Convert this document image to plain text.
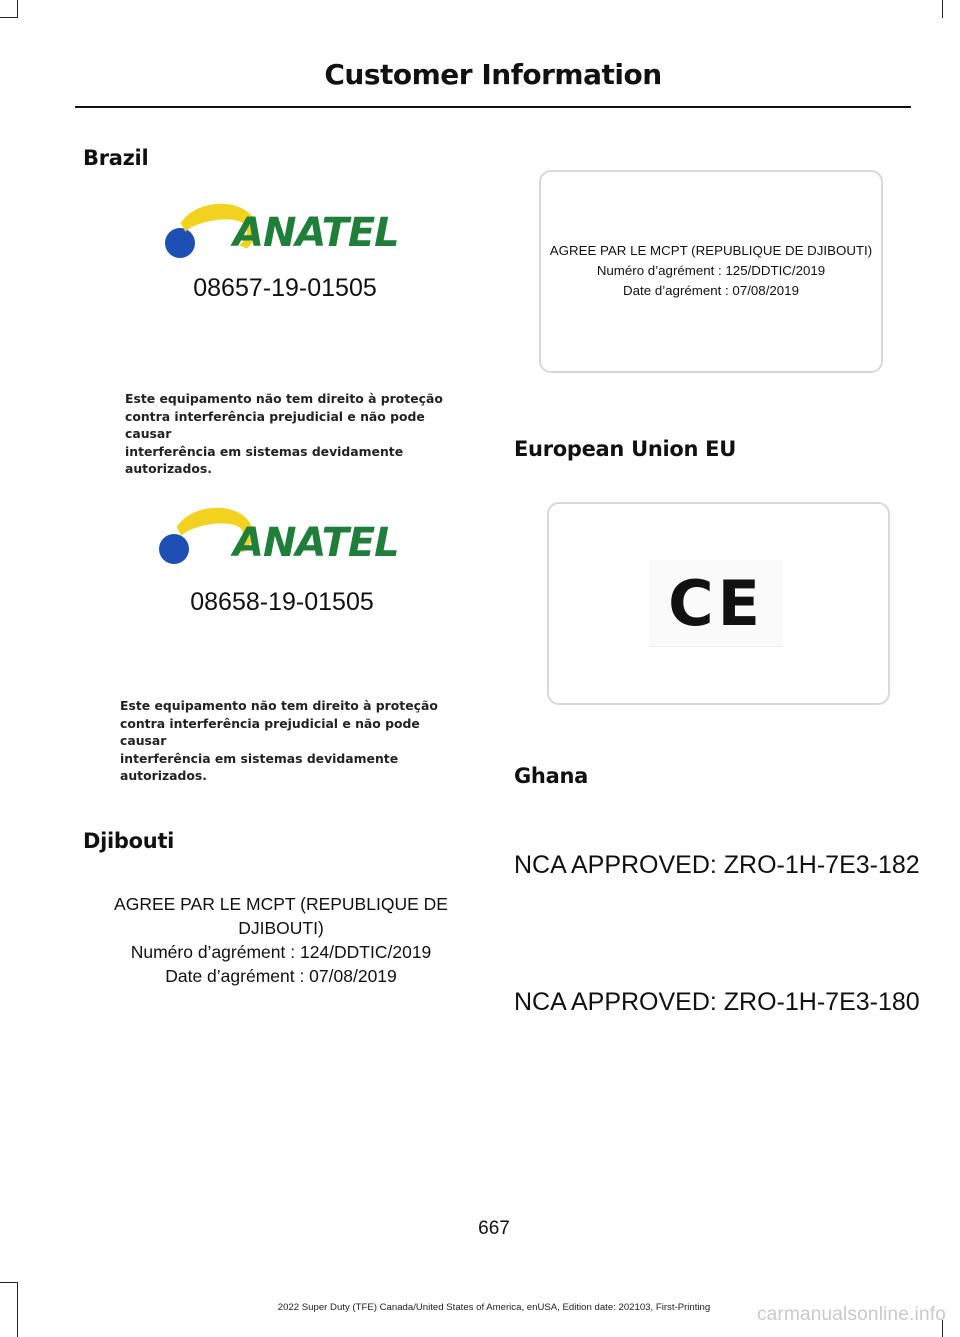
Customer Information
Brazil
ANATEL
08657-19-01505
Este equipamento não tem direito à proteção
contra interferência prejudicial e não pode causar
interferência em sistemas devidamente autorizados.
ANATEL
08658-19-01505
Este equipamento não tem direito à proteção
contra interferência prejudicial e não pode causar
interferência em sistemas devidamente autorizados.
Djibouti
AGREE PAR LE MCPT (REPUBLIQUE DE DJIBOUTI)
Numéro d’agrément : 124/DDTIC/2019
Date d’agrément : 07/08/2019
AGREE PAR LE MCPT (REPUBLIQUE DE DJIBOUTI)
Numéro d’agrément : 125/DDTIC/2019
Date d’agrément : 07/08/2019
European Union EU
CE
Ghana
NCA APPROVED: ZRO-1H-7E3-182
NCA APPROVED: ZRO-1H-7E3-180
667
2022 Super Duty (TFE) Canada/United States of America, enUSA, Edition date: 202103, First-Printing	carmanualsonline.info
